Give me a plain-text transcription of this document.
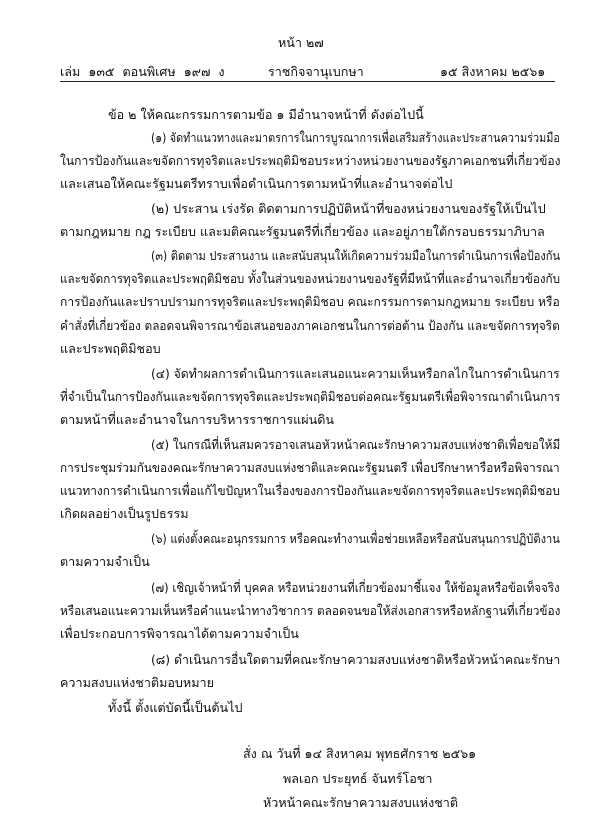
หน้า ๒๗
เล่ม ๑๓๕ ตอนพิเศษ ๑๙๗ ง	ราชกิจจานุเบกษา	๑๕ สิงหาคม ๒๕๖๑
ข้อ ๒ ให้คณะกรรมการตามข้อ ๑ มีอำนาจหน้าที่ ดังต่อไปนี้
(๑) จัดทำแนวทางและมาตรการในการบูรณาการเพื่อเสริมสร้างและประสานความร่วมมือ
ในการป้องกันและขจัดการทุจริตและประพฤติมิชอบระหว่างหน่วยงานของรัฐภาคเอกชนที่เกี่ยวข้อง
และเสนอให้คณะรัฐมนตรีทราบเพื่อดำเนินการตามหน้าที่และอำนาจต่อไป
(๒) ประสาน เร่งรัด ติดตามการปฏิบัติหน้าที่ของหน่วยงานของรัฐให้เป็นไป
ตามกฎหมาย กฎ ระเบียบ และมติคณะรัฐมนตรีที่เกี่ยวข้อง และอยู่ภายใต้กรอบธรรมาภิบาล
(๓) ติดตาม ประสานงาน และสนับสนุนให้เกิดความร่วมมือในการดำเนินการเพื่อป้องกัน
และขจัดการทุจริตและประพฤติมิชอบ ทั้งในส่วนของหน่วยงานของรัฐที่มีหน้าที่และอำนาจเกี่ยวข้องกับ
การป้องกันและปราบปรามการทุจริตและประพฤติมิชอบ คณะกรรมการตามกฎหมาย ระเบียบ หรือ
คำสั่งที่เกี่ยวข้อง ตลอดจนพิจารณาข้อเสนอของภาคเอกชนในการต่อต้าน ป้องกัน และขจัดการทุจริต
และประพฤติมิชอบ
(๔) จัดทำผลการดำเนินการและเสนอแนะความเห็นหรือกลไกในการดำเนินการ
ที่จำเป็นในการป้องกันและขจัดการทุจริตและประพฤติมิชอบต่อคณะรัฐมนตรีเพื่อพิจารณาดำเนินการ
ตามหน้าที่และอำนาจในการบริหารราชการแผ่นดิน
(๕) ในกรณีที่เห็นสมควรอาจเสนอหัวหน้าคณะรักษาความสงบแห่งชาติเพื่อขอให้มี
การประชุมร่วมกันของคณะรักษาความสงบแห่งชาติและคณะรัฐมนตรี เพื่อปรึกษาหารือหรือพิจารณา
แนวทางการดำเนินการเพื่อแก้ไขปัญหาในเรื่องของการป้องกันและขจัดการทุจริตและประพฤติมิชอบ
เกิดผลอย่างเป็นรูปธรรม
(๖) แต่งตั้งคณะอนุกรรมการ หรือคณะทำงานเพื่อช่วยเหลือหรือสนับสนุนการปฏิบัติงาน
ตามความจำเป็น
(๗) เชิญเจ้าหน้าที่ บุคคล หรือหน่วยงานที่เกี่ยวข้องมาชี้แจง ให้ข้อมูลหรือข้อเท็จจริง
หรือเสนอแนะความเห็นหรือคำแนะนำทางวิชาการ ตลอดจนขอให้ส่งเอกสารหรือหลักฐานที่เกี่ยวข้อง
เพื่อประกอบการพิจารณาได้ตามความจำเป็น
(๘) ดำเนินการอื่นใดตามที่คณะรักษาความสงบแห่งชาติหรือหัวหน้าคณะรักษา
ความสงบแห่งชาติมอบหมาย
ทั้งนี้ ตั้งแต่บัดนี้เป็นต้นไป
สั่ง ณ วันที่ ๑๔ สิงหาคม พุทธศักราช ๒๕๖๑
พลเอก ประยุทธ์ จันทร์โอชา
หัวหน้าคณะรักษาความสงบแห่งชาติ
